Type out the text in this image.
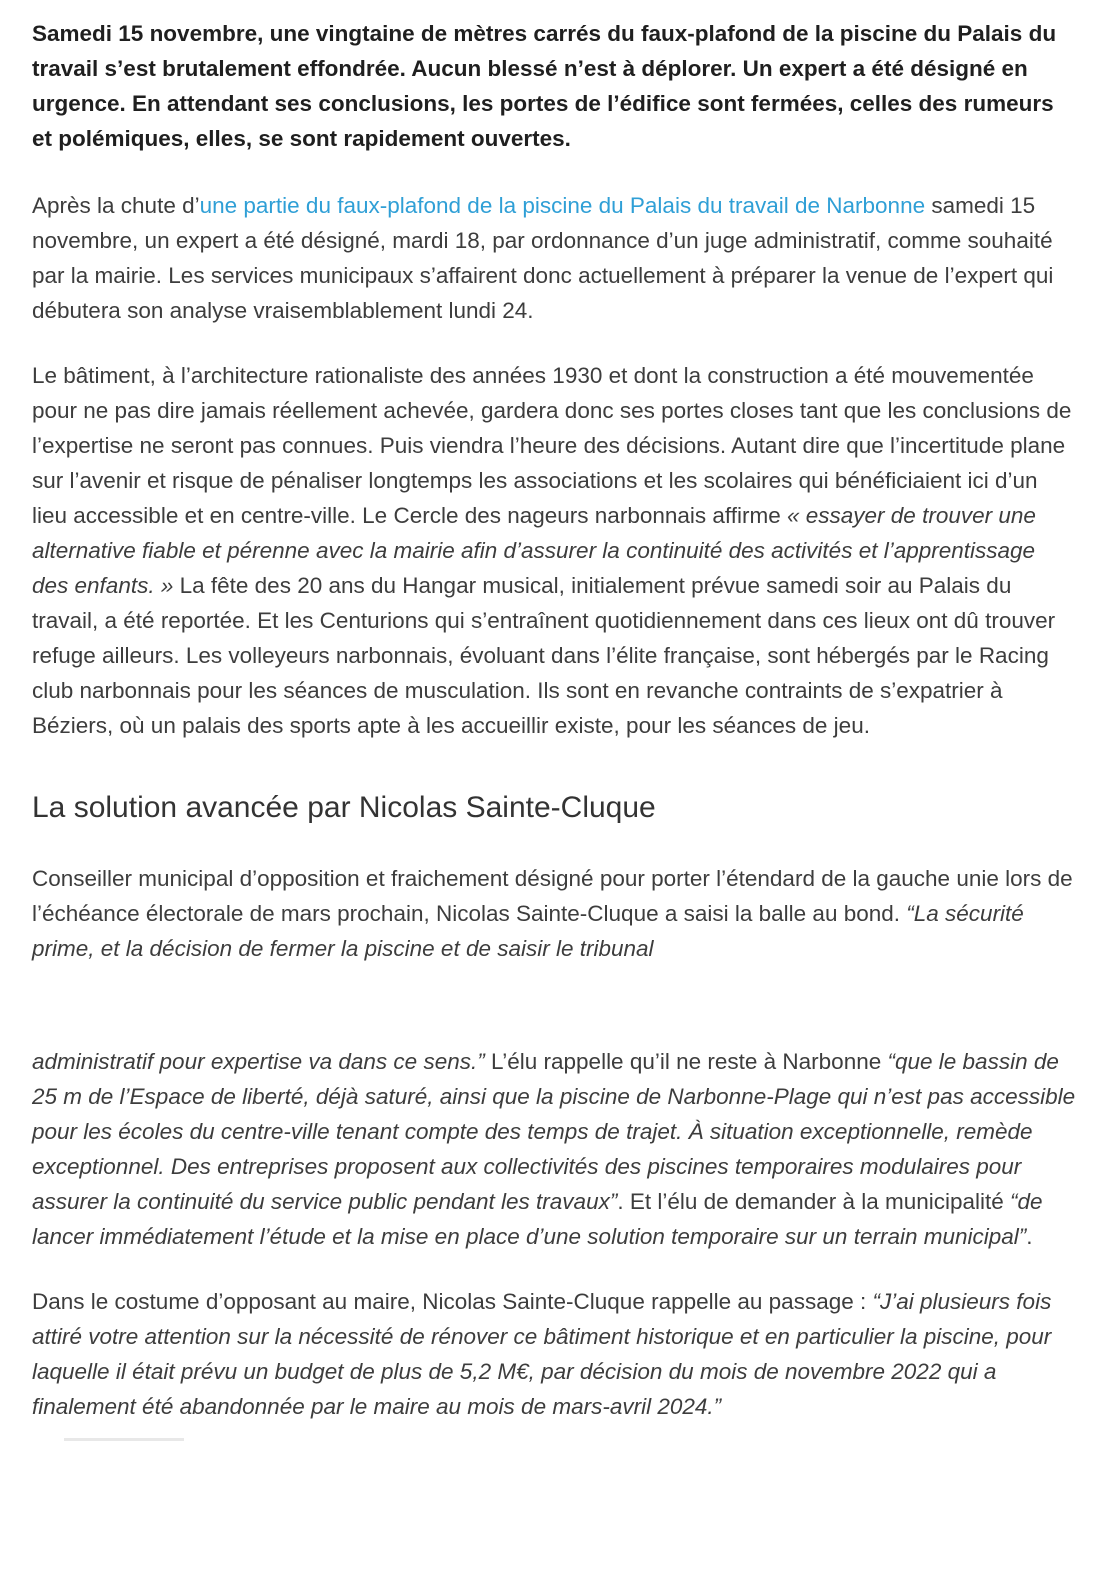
Samedi 15 novembre, une vingtaine de mètres carrés du faux-plafond de la piscine du Palais du travail s’est brutalement effondrée. Aucun blessé n’est à déplorer. Un expert a été désigné en urgence. En attendant ses conclusions, les portes de l’édifice sont fermées, celles des rumeurs et polémiques, elles, se sont rapidement ouvertes.

Après la chute d’une partie du faux-plafond de la piscine du Palais du travail de Narbonne samedi 15 novembre, un expert a été désigné, mardi 18, par ordonnance d’un juge administratif, comme souhaité par la mairie. Les services municipaux s’affairent donc actuellement à préparer la venue de l’expert qui débutera son analyse vraisemblablement lundi 24.

Le bâtiment, à l’architecture rationaliste des années 1930 et dont la construction a été mouvementée pour ne pas dire jamais réellement achevée, gardera donc ses portes closes tant que les conclusions de l’expertise ne seront pas connues. Puis viendra l’heure des décisions. Autant dire que l’incertitude plane sur l’avenir et risque de pénaliser longtemps les associations et les scolaires qui bénéficiaient ici d’un lieu accessible et en centre-ville. Le Cercle des nageurs narbonnais affirme « essayer de trouver une alternative fiable et pérenne avec la mairie afin d’assurer la continuité des activités et l’apprentissage des enfants. » La fête des 20 ans du Hangar musical, initialement prévue samedi soir au Palais du travail, a été reportée. Et les Centurions qui s’entraînent quotidiennement dans ces lieux ont dû trouver refuge ailleurs. Les volleyeurs narbonnais, évoluant dans l’élite française, sont hébergés par le Racing club narbonnais pour les séances de musculation. Ils sont en revanche contraints de s’expatrier à Béziers, où un palais des sports apte à les accueillir existe, pour les séances de jeu.

La solution avancée par Nicolas Sainte-Cluque

Conseiller municipal d’opposition et fraichement désigné pour porter l’étendard de la gauche unie lors de l’échéance électorale de mars prochain, Nicolas Sainte-Cluque a saisi la balle au bond. “La sécurité prime, et la décision de fermer la piscine et de saisir le tribunal

administratif pour expertise va dans ce sens.” L’élu rappelle qu’il ne reste à Narbonne “que le bassin de 25 m de l’Espace de liberté, déjà saturé, ainsi que la piscine de Narbonne-Plage qui n’est pas accessible pour les écoles du centre-ville tenant compte des temps de trajet. À situation exceptionnelle, remède exceptionnel. Des entreprises proposent aux collectivités des piscines temporaires modulaires pour assurer la continuité du service public pendant les travaux”. Et l’élu de demander à la municipalité “de lancer immédiatement l’étude et la mise en place d’une solution temporaire sur un terrain municipal”.

Dans le costume d’opposant au maire, Nicolas Sainte-Cluque rappelle au passage : “J’ai plusieurs fois attiré votre attention sur la nécessité de rénover ce bâtiment historique et en particulier la piscine, pour laquelle il était prévu un budget de plus de 5,2 M€, par décision du mois de novembre 2022 qui a finalement été abandonnée par le maire au mois de mars-avril 2024.”
